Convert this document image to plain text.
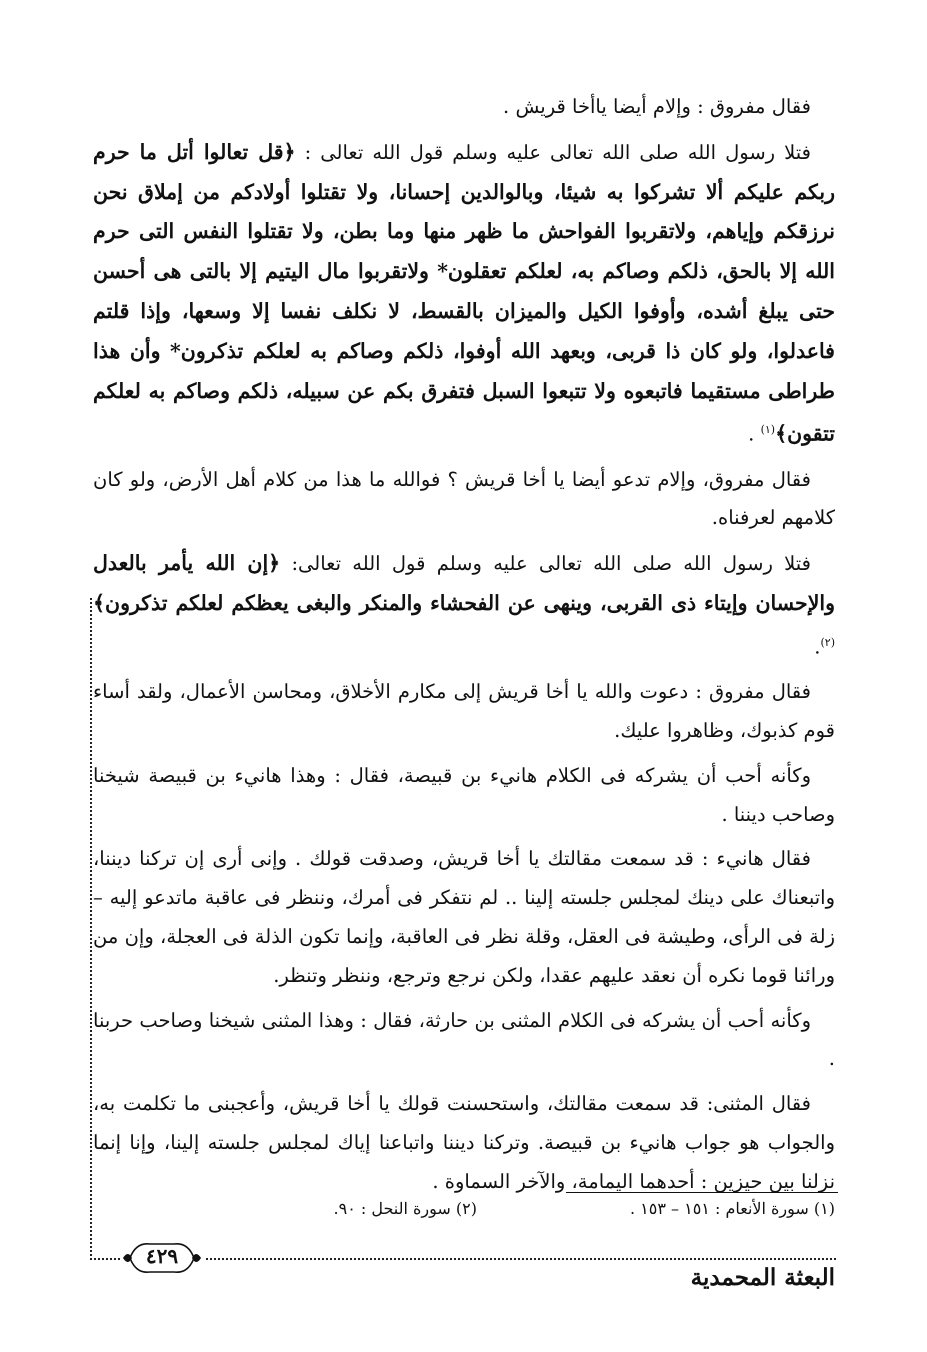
فقال مفروق : وإلام أيضا ياأخا قريش .

فتلا رسول الله صلى الله تعالى عليه وسلم قول الله تعالى : ﴿قل تعالوا أتل ما حرم ربكم عليكم ألا تشركوا به شيئا، وبالوالدين إحسانا، ولا تقتلوا أولادكم من إملاق نحن نرزقكم وإياهم، ولاتقربوا الفواحش ما ظهر منها وما بطن، ولا تقتلوا النفس التى حرم الله إلا بالحق، ذلكم وصاكم به، لعلكم تعقلون* ولاتقربوا مال اليتيم إلا بالتى هى أحسن حتى يبلغ أشده، وأوفوا الكيل والميزان بالقسط، لا نكلف نفسا إلا وسعها، وإذا قلتم فاعدلوا، ولو كان ذا قربى، وبعهد الله أوفوا، ذلكم وصاكم به لعلكم تذكرون* وأن هذا طراطى مستقيما فاتبعوه ولا تتبعوا السبل فتفرق بكم عن سبيله، ذلكم وصاكم به لعلكم تتقون﴾$^{(١)}$ .

فقال مفروق، وإلام تدعو أيضا يا أخا قريش ؟ فوالله ما هذا من كلام أهل الأرض، ولو كان كلامهم لعرفناه.

فتلا رسول الله صلى الله تعالى عليه وسلم قول الله تعالى: ﴿إن الله يأمر بالعدل والإحسان وإيتاء ذى القربى، وينهى عن الفحشاء والمنكر والبغى يعظكم لعلكم تذكرون﴾$^{(٢)}$.

فقال مفروق : دعوت والله يا أخا قريش إلى مكارم الأخلاق، ومحاسن الأعمال، ولقد أساء قوم كذبوك، وظاهروا عليك.

وكأنه أحب أن يشركه فى الكلام هانيء بن قبيصة، فقال : وهذا هانيء بن قبيصة شيخنا وصاحب ديننا .

فقال هانيء : قد سمعت مقالتك يا أخا قريش، وصدقت قولك . وإنى أرى إن تركنا ديننا، واتبعناك على دينك لمجلس جلسته إلينا .. لم نتفكر فى أمرك، وننظر فى عاقبة ماتدعو إليه – زلة فى الرأى، وطيشة فى العقل، وقلة نظر فى العاقبة، وإنما تكون الذلة فى العجلة، وإن من ورائنا قوما نكره أن نعقد عليهم عقدا، ولكن نرجع وترجع، وننظر وتنظر.

وكأنه أحب أن يشركه فى الكلام المثنى بن حارثة، فقال : وهذا المثنى شيخنا وصاحب حربنا .

فقال المثنى: قد سمعت مقالتك، واستحسنت قولك يا أخا قريش، وأعجبنى ما تكلمت به، والجواب هو جواب هانيء بن قبيصة. وتركنا ديننا واتباعنا إياك لمجلس جلسته إلينا، وإنا إنما نزلنا بين حيزين : أحدهما اليمامة، والآخر السماوة .

(١) سورة الأنعام : ١٥١ – ١٥٣ .
(٢) سورة النحل : ٩٠.
٤٢٩
البعثة المحمدية
